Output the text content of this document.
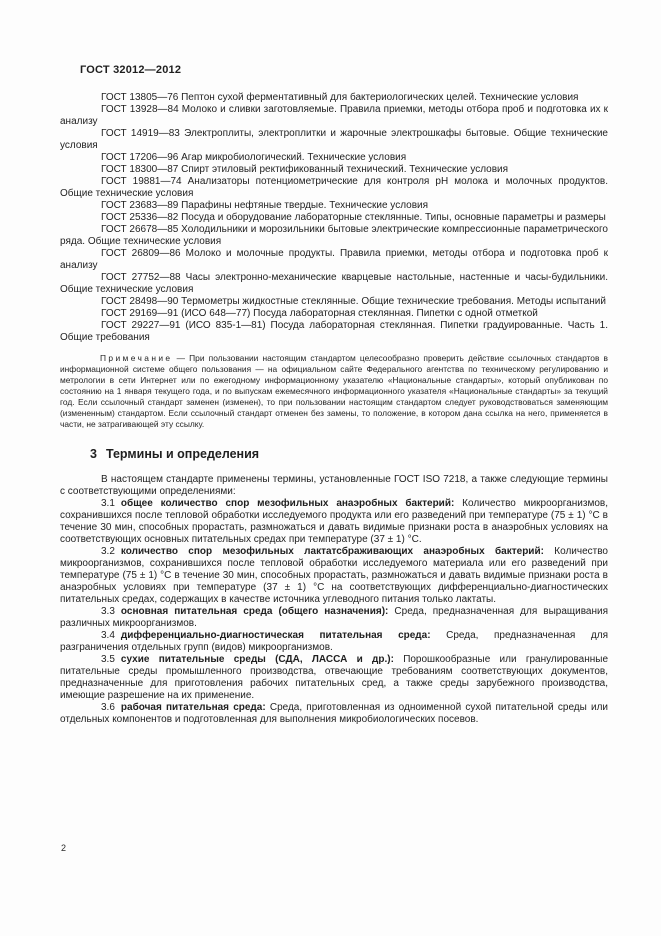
ГОСТ 32012—2012

ГОСТ 13805—76 Пептон сухой ферментативный для бактериологических целей. Технические условия

ГОСТ 13928—84 Молоко и сливки заготовляемые. Правила приемки, методы отбора проб и подготовка их к анализу

ГОСТ 14919—83 Электроплиты, электроплитки и жарочные электрошкафы бытовые. Общие технические условия

ГОСТ 17206—96 Агар микробиологический. Технические условия

ГОСТ 18300—87 Спирт этиловый ректификованный технический. Технические условия

ГОСТ 19881—74 Анализаторы потенциометрические для контроля рН молока и молочных продуктов. Общие технические условия

ГОСТ 23683—89 Парафины нефтяные твердые. Технические условия

ГОСТ 25336—82 Посуда и оборудование лабораторные стеклянные. Типы, основные параметры и размеры

ГОСТ 26678—85 Холодильники и морозильники бытовые электрические компрессионные параметрического ряда. Общие технические условия

ГОСТ 26809—86 Молоко и молочные продукты. Правила приемки, методы отбора и подготовка проб к анализу

ГОСТ 27752—88 Часы электронно-механические кварцевые настольные, настенные и часы-будильники. Общие технические условия

ГОСТ 28498—90 Термометры жидкостные стеклянные. Общие технические требования. Методы испытаний

ГОСТ 29169—91 (ИСО 648—77) Посуда лабораторная стеклянная. Пипетки с одной отметкой

ГОСТ 29227—91 (ИСО 835-1—81) Посуда лабораторная стеклянная. Пипетки градуированные. Часть 1. Общие требования

Примечание — При пользовании настоящим стандартом целесообразно проверить действие ссылочных стандартов в информационной системе общего пользования — на официальном сайте Федерального агентства по техническому регулированию и метрологии в сети Интернет или по ежегодному информационному указателю «Национальные стандарты», который опубликован по состоянию на 1 января текущего года, и по выпускам ежемесячного информационного указателя «Национальные стандарты» за текущий год. Если ссылочный стандарт заменен (изменен), то при пользовании настоящим стандартом следует руководствоваться заменяющим (измененным) стандартом. Если ссылочный стандарт отменен без замены, то положение, в котором дана ссылка на него, применяется в части, не затрагивающей эту ссылку.

3 Термины и определения

В настоящем стандарте применены термины, установленные ГОСТ ISO 7218, а также следующие термины с соответствующими определениями:

3.1 общее количество спор мезофильных анаэробных бактерий: Количество микроорганизмов, сохранившихся после тепловой обработки исследуемого продукта или его разведений при температуре (75 ± 1) °С в течение 30 мин, способных прорастать, размножаться и давать видимые признаки роста в анаэробных условиях на соответствующих основных питательных средах при температуре (37 ± 1) °С.

3.2 количество спор мезофильных лактатсбраживающих анаэробных бактерий: Количество микроорганизмов, сохранившихся после тепловой обработки исследуемого материала или его разведений при температуре (75 ± 1) °С в течение 30 мин, способных прорастать, размножаться и давать видимые признаки роста в анаэробных условиях при температуре (37 ± 1) °С на соответствующих дифференциально-диагностических питательных средах, содержащих в качестве источника углеводного питания только лактаты.

3.3 основная питательная среда (общего назначения): Среда, предназначенная для выращивания различных микроорганизмов.

3.4 дифференциально-диагностическая питательная среда: Среда, предназначенная для разграничения отдельных групп (видов) микроорганизмов.

3.5 сухие питательные среды (СДА, ЛАССА и др.): Порошкообразные или гранулированные питательные среды промышленного производства, отвечающие требованиям соответствующих документов, предназначенные для приготовления рабочих питательных сред, а также среды зарубежного производства, имеющие разрешение на их применение.

3.6 рабочая питательная среда: Среда, приготовленная из одноименной сухой питательной среды или отдельных компонентов и подготовленная для выполнения микробиологических посевов.

2
